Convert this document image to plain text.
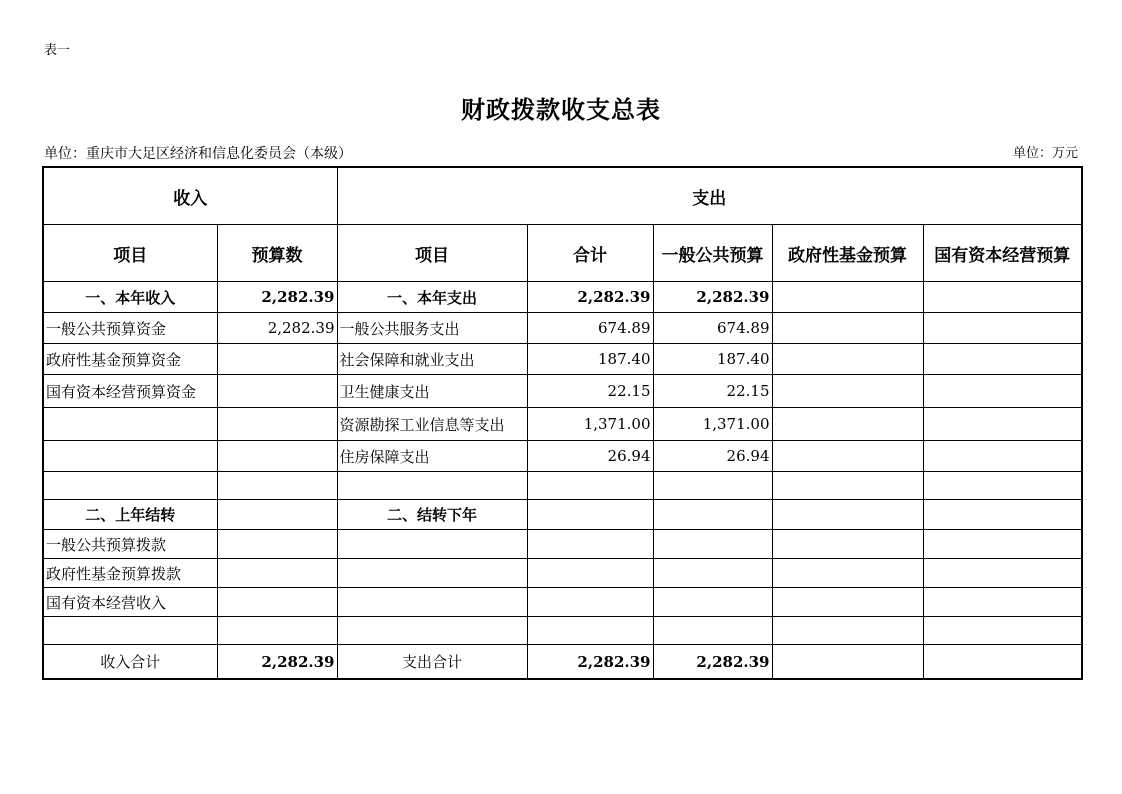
表一
财政拨款收支总表
单位：重庆市大足区经济和信息化委员会（本级）	单位：万元
收入		支出				
项目	预算数	项目	合计	一般公共预算	政府性基金预算	国有资本经营预算
一、本年收入	2,282.39	一、本年支出	2,282.39	2,282.39		
一般公共预算资金	2,282.39	一般公共服务支出	674.89	674.89		
政府性基金预算资金		社会保障和就业支出	187.40	187.40		
国有资本经营预算资金		卫生健康支出	22.15	22.15		
		资源勘探工业信息等支出	1,371.00	1,371.00		
		住房保障支出	26.94	26.94		

二、上年结转		二、结转下年				
一般公共预算拨款						
政府性基金预算拨款						
国有资本经营收入						

收入合计	2,282.39	支出合计	2,282.39	2,282.39		
